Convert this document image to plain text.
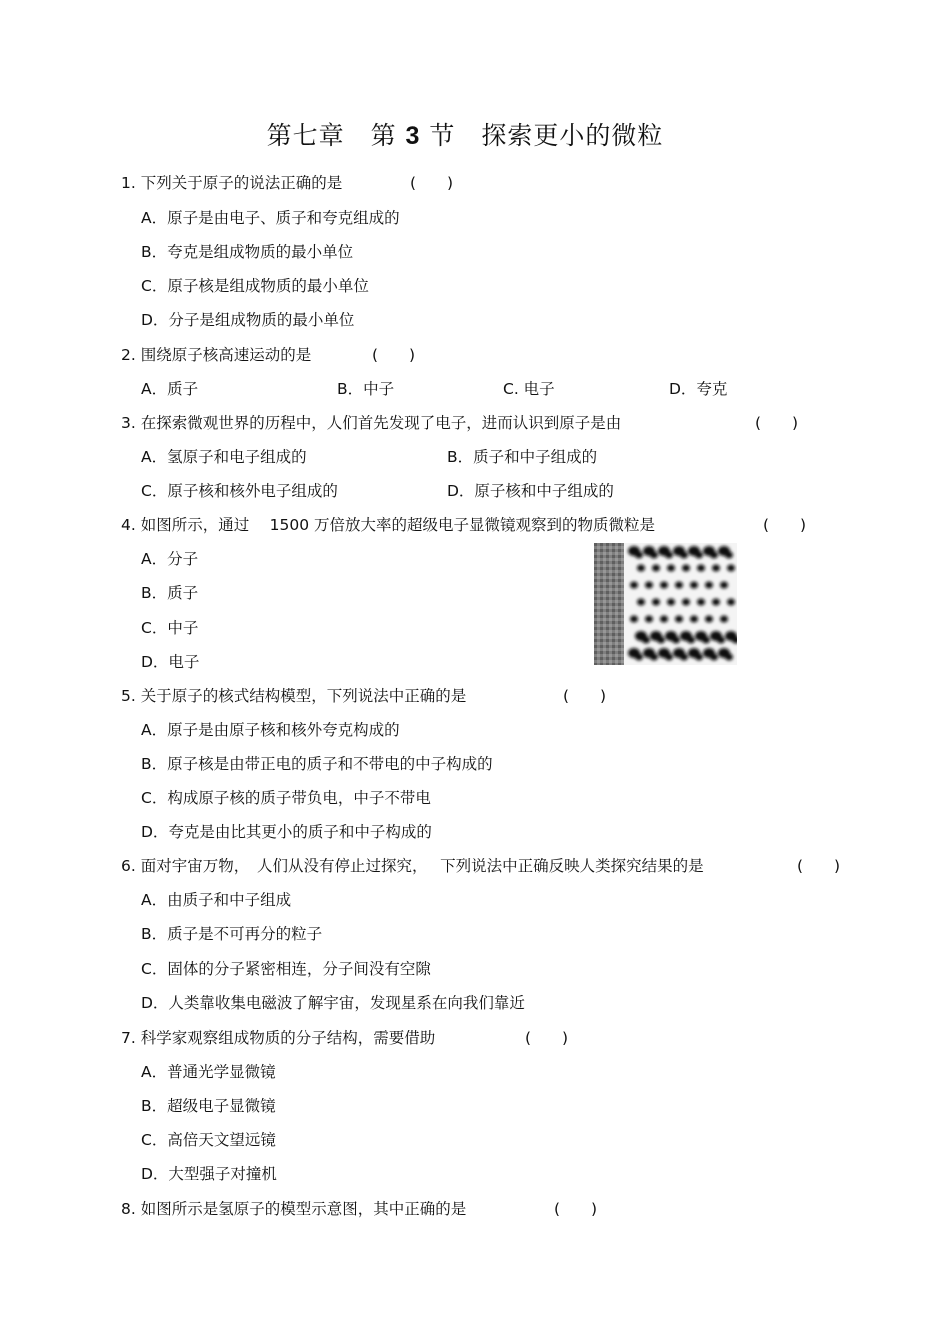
第七章　第 3 节　探索更小的微粒
1. 下列关于原子的说法正确的是	(　　)
A．原子是由电子、质子和夸克组成的
B．夸克是组成物质的最小单位
C．原子核是组成物质的最小单位
D．分子是组成物质的最小单位
2. 围绕原子核高速运动的是	(　　)
A．质子	B．中子	C. 电子	D．夸克
3. 在探索微观世界的历程中，人们首先发现了电子，进而认识到原子是由	(　　)
A．氢原子和电子组成的	B．质子和中子组成的
C．原子核和核外电子组成的	D．原子核和中子组成的
4. 如图所示，通过　 1500 万倍放大率的超级电子显微镜观察到的物质微粒是	(　　)
A．分子
B．质子
C．中子
D．电子
5. 关于原子的核式结构模型，下列说法中正确的是	(　　)
A．原子是由原子核和核外夸克构成的
B．原子核是由带正电的质子和不带电的中子构成的
C．构成原子核的质子带负电，中子不带电
D．夸克是由比其更小的质子和中子构成的
6. 面对宇宙万物，　人们从没有停止过探究，　 下列说法中正确反映人类探究结果的是	(　　)
A．由质子和中子组成
B．质子是不可再分的粒子
C．固体的分子紧密相连，分子间没有空隙
D．人类靠收集电磁波了解宇宙，发现星系在向我们靠近
7. 科学家观察组成物质的分子结构，需要借助	(　　)
A．普通光学显微镜
B．超级电子显微镜
C．高倍天文望远镜
D．大型强子对撞机
8. 如图所示是氢原子的模型示意图，其中正确的是	(　　)
